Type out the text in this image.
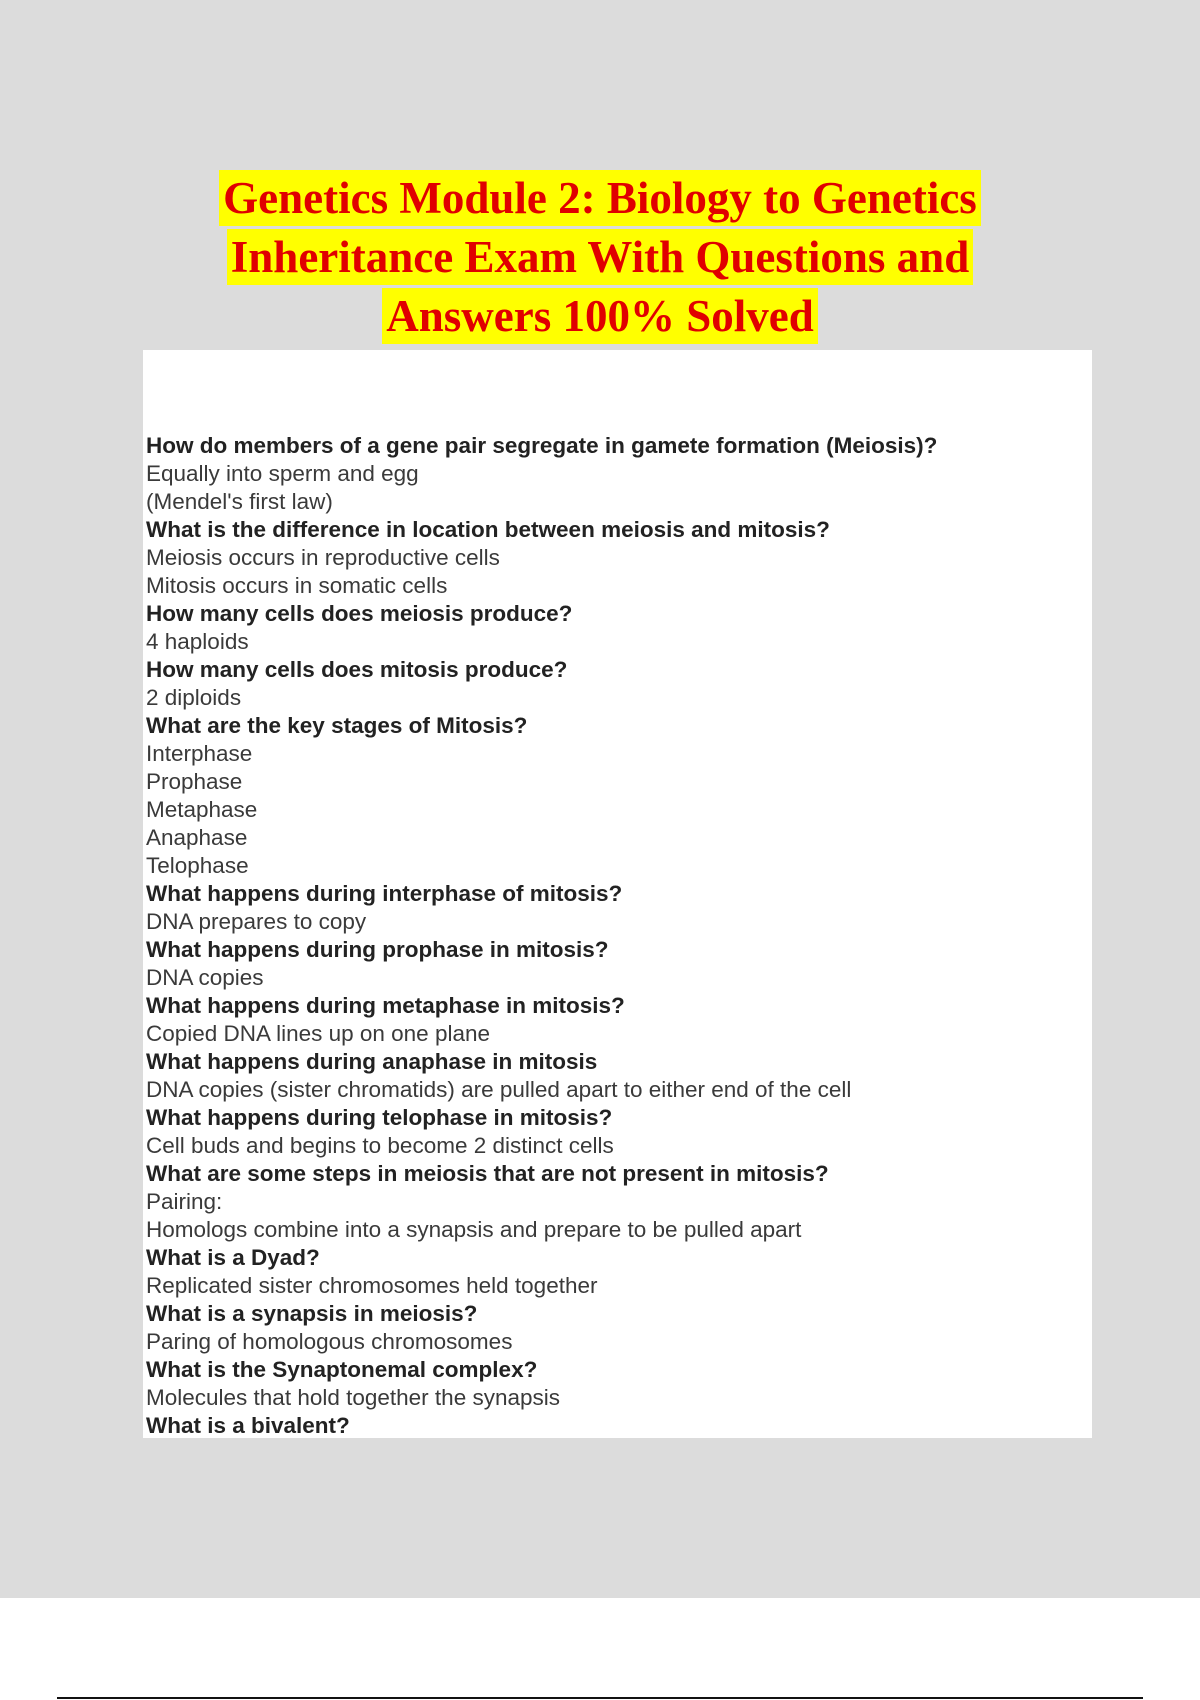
Genetics Module 2: Biology to Genetics
Inheritance Exam With Questions and
Answers 100% Solved
How do members of a gene pair segregate in gamete formation (Meiosis)?
Equally into sperm and egg
(Mendel's first law)
What is the difference in location between meiosis and mitosis?
Meiosis occurs in reproductive cells
Mitosis occurs in somatic cells
How many cells does meiosis produce?
4 haploids
How many cells does mitosis produce?
2 diploids
What are the key stages of Mitosis?
Interphase
Prophase
Metaphase
Anaphase
Telophase
What happens during interphase of mitosis?
DNA prepares to copy
What happens during prophase in mitosis?
DNA copies
What happens during metaphase in mitosis?
Copied DNA lines up on one plane
What happens during anaphase in mitosis
DNA copies (sister chromatids) are pulled apart to either end of the cell
What happens during telophase in mitosis?
Cell buds and begins to become 2 distinct cells
What are some steps in meiosis that are not present in mitosis?
Pairing:
Homologs combine into a synapsis and prepare to be pulled apart
What is a Dyad?
Replicated sister chromosomes held together
What is a synapsis in meiosis?
Paring of homologous chromosomes
What is the Synaptonemal complex?
Molecules that hold together the synapsis
What is a bivalent?
